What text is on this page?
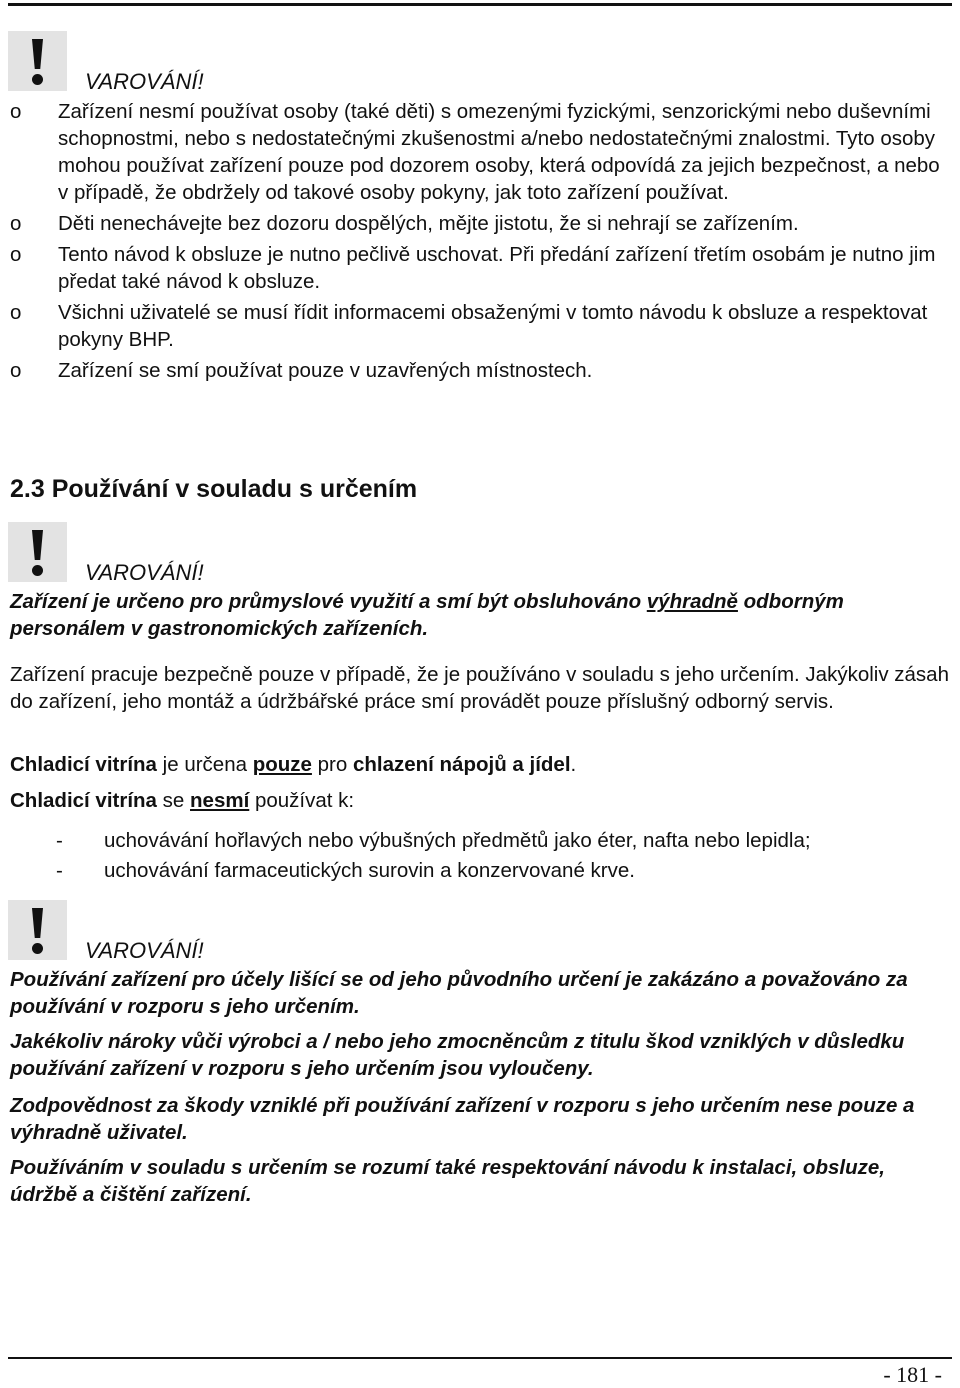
VAROVÁNÍ!
o Zařízení nesmí používat osoby (také děti) s omezenými fyzickými, senzorickými nebo duševními schopnostmi, nebo s nedostatečnými zkušenostmi a/nebo nedostatečnými znalostmi. Tyto osoby mohou používat zařízení pouze pod dozorem osoby, která odpovídá za jejich bezpečnost, a nebo v případě, že obdržely od takové osoby pokyny, jak toto zařízení používat.
o Děti nenechávejte bez dozoru dospělých, mějte jistotu, že si nehrají se zařízením.
o Tento návod k obsluze je nutno pečlivě uschovat. Při předání zařízení třetím osobám je nutno jim předat také návod k obsluze.
o Všichni uživatelé se musí řídit informacemi obsaženými v tomto návodu k obsluze a respektovat pokyny BHP.
o Zařízení se smí používat pouze v uzavřených místnostech.
2.3 Používání v souladu s určením
VAROVÁNÍ!

Zařízení je určeno pro průmyslové využití a smí být obsluhováno výhradně odborným personálem v gastronomických zařízeních.

Zařízení pracuje bezpečně pouze v případě, že je používáno v souladu s jeho určením. Jakýkoliv zásah do zařízení, jeho montáž a údržbářské práce smí provádět pouze příslušný odborný servis.

Chladicí vitrína je určena pouze pro chlazení nápojů a jídel.

Chladicí vitrína se nesmí používat k:

- uchovávání hořlavých nebo výbušných předmětů jako éter, nafta nebo lepidla;
- uchovávání farmaceutických surovin a konzervované krve.
VAROVÁNÍ!

Používání zařízení pro účely lišící se od jeho původního určení je zakázáno a považováno za používání v rozporu s jeho určením.

Jakékoliv nároky vůči výrobci a / nebo jeho zmocněncům z titulu škod vzniklých v důsledku používání zařízení v rozporu s jeho určením jsou vyloučeny.

Zodpovědnost za škody vzniklé při používání zařízení v rozporu s jeho určením nese pouze a výhradně uživatel.

Používáním v souladu s určením se rozumí také respektování návodu k instalaci, obsluze, údržbě a čištění zařízení.

- 181 -
